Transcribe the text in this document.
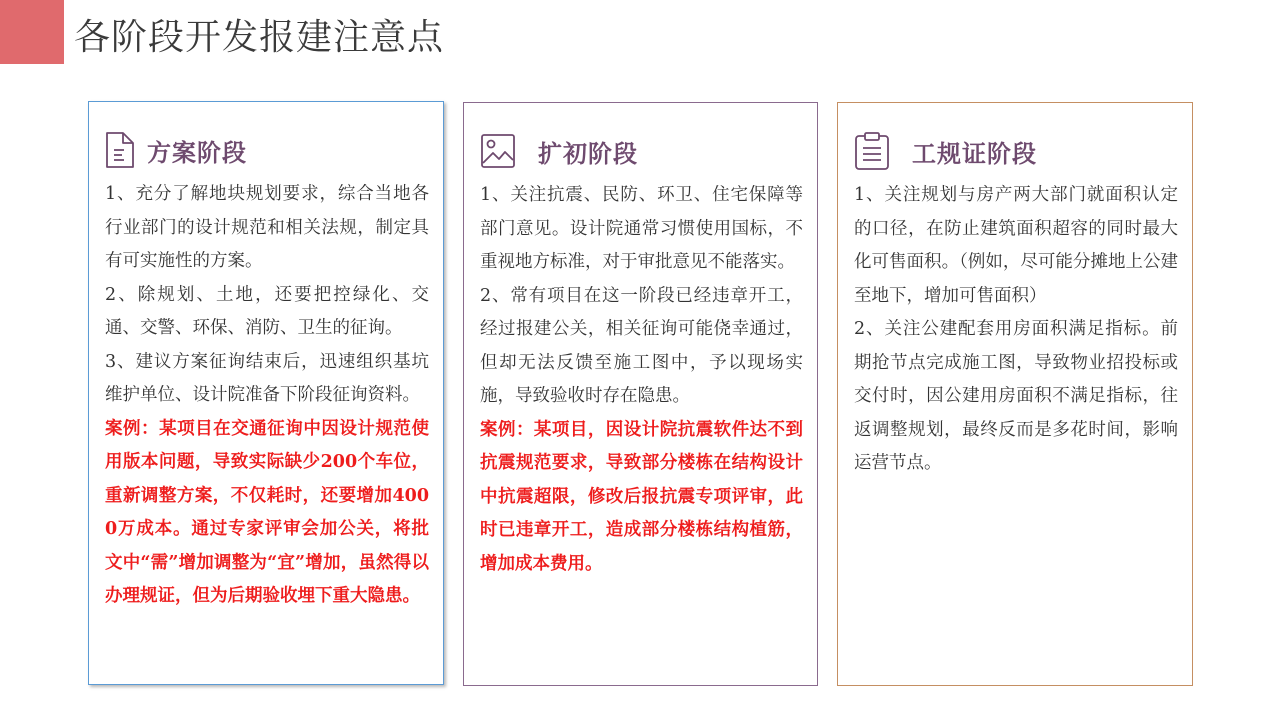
各阶段开发报建注意点
方案阶段

1、充分了解地块规划要求，综合当地各行业部门的设计规范和相关法规，制定具有可实施性的方案。

2、除规划、土地，还要把控绿化、交通、交警、环保、消防、卫生的征询。

3、建议方案征询结束后，迅速组织基坑维护单位、设计院准备下阶段征询资料。

案例：某项目在交通征询中因设计规范使用版本问题，导致实际缺少200个车位，重新调整方案，不仅耗时，还要增加4000万成本。通过专家评审会加公关，将批文中“需”增加调整为“宜”增加，虽然得以办理规证，但为后期验收埋下重大隐患。

扩初阶段

1、关注抗震、民防、环卫、住宅保障等部门意见。设计院通常习惯使用国标，不重视地方标准，对于审批意见不能落实。

2、常有项目在这一阶段已经违章开工，经过报建公关，相关征询可能侥幸通过，但却无法反馈至施工图中，予以现场实施，导致验收时存在隐患。

案例：某项目，因设计院抗震软件达不到抗震规范要求，导致部分楼栋在结构设计中抗震超限，修改后报抗震专项评审，此时已违章开工，造成部分楼栋结构植筋，增加成本费用。

工规证阶段

1、关注规划与房产两大部门就面积认定的口径，在防止建筑面积超容的同时最大化可售面积。（例如，尽可能分摊地上公建至地下，增加可售面积）

2、关注公建配套用房面积满足指标。前期抢节点完成施工图，导致物业招投标或交付时，因公建用房面积不满足指标，往返调整规划，最终反而是多花时间，影响运营节点。
